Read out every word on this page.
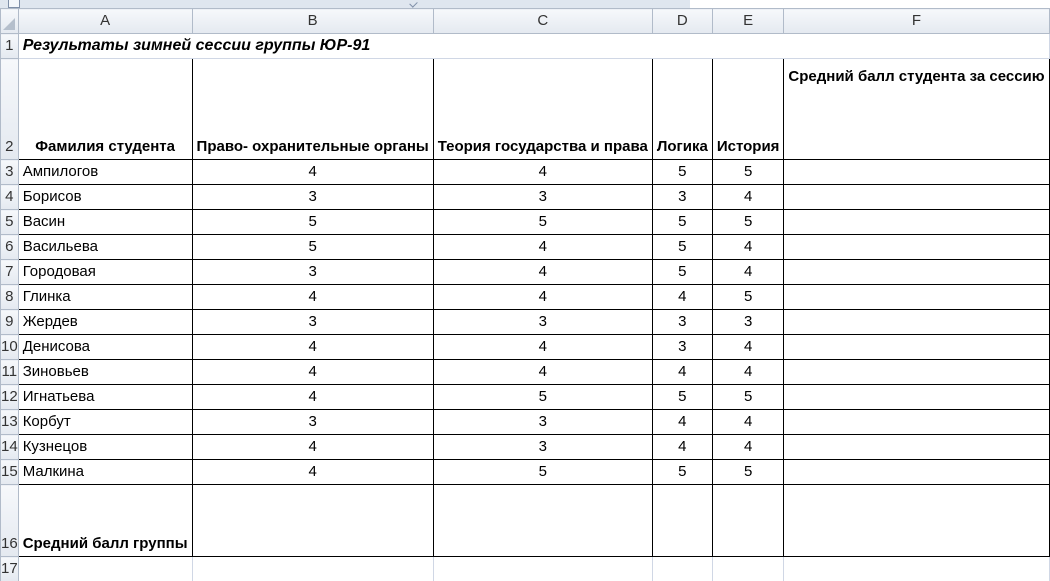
	A	B	C	D	E	F
1	Результаты зимней сессии группы ЮР-91					
2	Фамилия студента	Право- охранительные органы	Теория государства и права	Логика	История	Средний балл студента за сессию
3	Ампилогов	4	4	5	5	
4	Борисов	3	3	3	4	
5	Васин	5	5	5	5	
6	Васильева	5	4	5	4	
7	Городовая	3	4	5	4	
8	Глинка	4	4	4	5	
9	Жердев	3	3	3	3	
10	Денисова	4	4	3	4	
11	Зиновьев	4	4	4	4	
12	Игнатьева	4	5	5	5	
13	Корбут	3	3	4	4	
14	Кузнецов	4	3	4	4	
15	Малкина	4	5	5	5	
16	Средний балл группы					
17						
